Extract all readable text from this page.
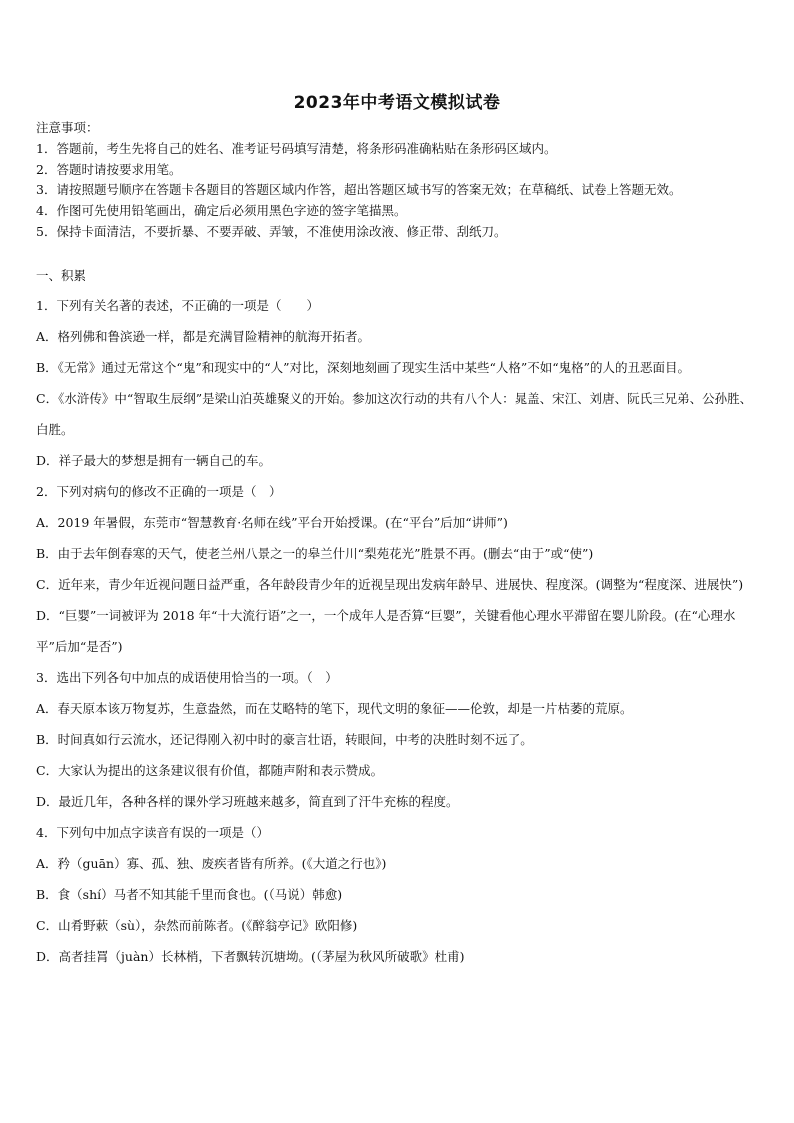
2023年中考语文模拟试卷
注意事项：
1．答题前，考生先将自己的姓名、准考证号码填写清楚，将条形码准确粘贴在条形码区域内。
2．答题时请按要求用笔。
3．请按照题号顺序在答题卡各题目的答题区域内作答，超出答题区域书写的答案无效；在草稿纸、试卷上答题无效。
4．作图可先使用铅笔画出，确定后必须用黑色字迹的签字笔描黑。
5．保持卡面清洁，不要折暴、不要弄破、弄皱，不准使用涂改液、修正带、刮纸刀。
一、积累
1．下列有关名著的表述，不正确的一项是（　　）
A．格列佛和鲁滨逊一样，都是充满冒险精神的航海开拓者。
B．《无常》通过无常这个“鬼”和现实中的“人”对比，深刻地刻画了现实生活中某些“人格”不如“鬼格”的人的丑恶面目。
C．《水浒传》中“智取生辰纲”是梁山泊英雄聚义的开始。参加这次行动的共有八个人：晁盖、宋江、刘唐、阮氏三兄弟、公孙胜、白胜。
D．祥子最大的梦想是拥有一辆自己的车。
2．下列对病句的修改不正确的一项是（　）
A．2019 年暑假，东莞市“智慧教育·名师在线”平台开始授课。(在“平台”后加“讲师”)
B．由于去年倒春寒的天气，使老兰州八景之一的皋兰什川“梨苑花光”胜景不再。(删去“由于”或“使”)
C．近年来，青少年近视问题日益严重，各年龄段青少年的近视呈现出发病年龄早、进展快、程度深。(调整为“程度深、进展快”)
D．“巨婴”一词被评为 2018 年“十大流行语”之一，一个成年人是否算“巨婴”，关键看他心理水平滞留在婴儿阶段。(在“心理水平”后加“是否”)
3．选出下列各句中加点的成语使用恰当的一项。（　）
A．春天原本该万物复苏，生意盎然，而在艾略特的笔下，现代文明的象征——伦敦，却是一片枯萎的荒原。
B．时间真如行云流水，还记得刚入初中时的豪言壮语，转眼间，中考的决胜时刻不远了。
C．大家认为提出的这条建议很有价值，都随声附和表示赞成。
D．最近几年，各种各样的课外学习班越来越多，简直到了汗牛充栋的程度。
4．下列句中加点字读音有误的一项是（）
A．矜（guān）寡、孤、独、废疾者皆有所养。(《大道之行也》)
B．食（shí）马者不知其能千里而食也。(（马说）韩愈)
C．山肴野蔌（sù），杂然而前陈者。(《醉翁亭记》欧阳修)
D．高者挂罥（juàn）长林梢，下者飘转沉塘坳。(（茅屋为秋风所破歌》杜甫)
